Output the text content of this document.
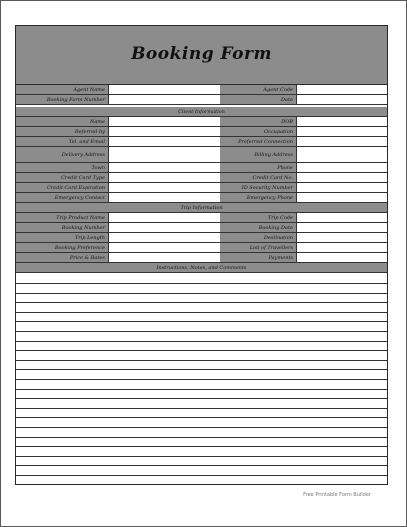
Booking Form
Agent Name	Agent Code
Booking Form Number	Date
Client Information
Name	DOB
Referred by	Occupation
Tel. and Email	Preferred Connection
Delivery Address	Billing Address
Town	Phone
Credit Card Type	Credit Card No.
Credit Card Expiration	ID Security Number
Emergency Contact	Emergency Phone
Trip Information
Trip Product Name	Trip Code
Booking Number	Booking Date
Trip Length	Destination
Booking Preference	List of Travellers
Price & Rates	Payments
Instructions, Notes, and Comments
Free Printable Form Builder
